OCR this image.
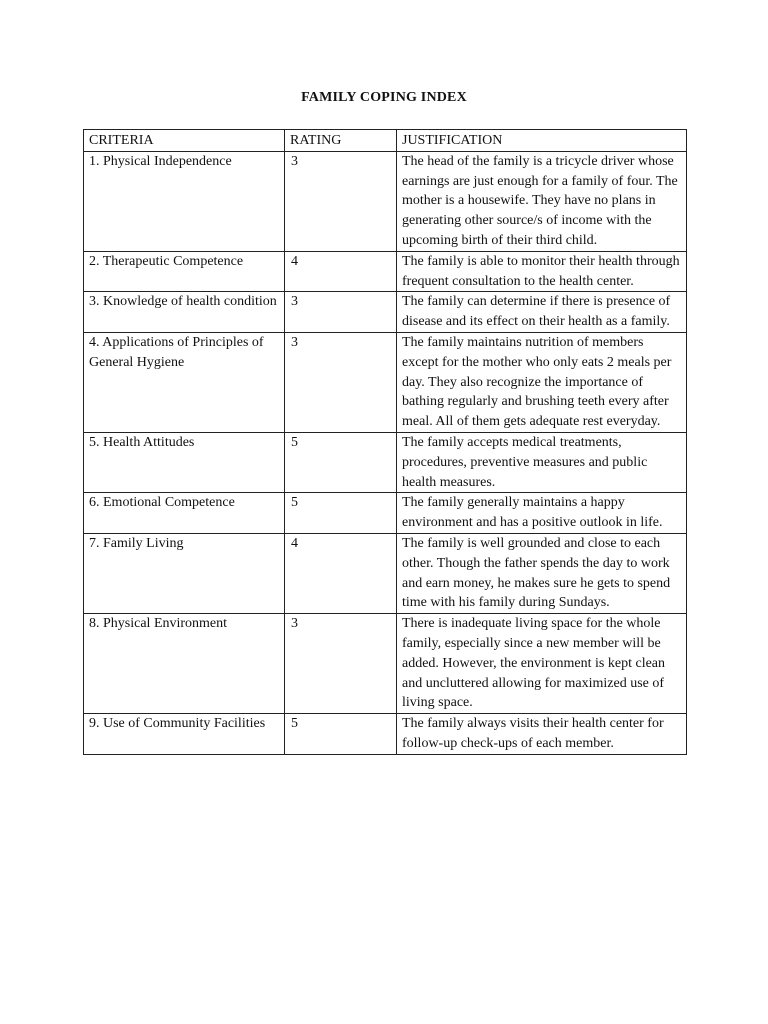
FAMILY COPING INDEX
CRITERIA	RATING	JUSTIFICATION
1. Physical Independence	3	The head of the family is a tricycle driver whose earnings are just enough for a family of four. The mother is a housewife. They have no plans in generating other source/s of income with the upcoming birth of their third child.
2. Therapeutic Competence	4	The family is able to monitor their health through frequent consultation to the health center.
3. Knowledge of health condition	3	The family can determine if there is presence of disease and its effect on their health as a family.
4. Applications of Principles of General Hygiene	3	The family maintains nutrition of members except for the mother who only eats 2 meals per day. They also recognize the importance of bathing regularly and brushing teeth every after meal. All of them gets adequate rest everyday.
5. Health Attitudes	5	The family accepts medical treatments, procedures, preventive measures and public health measures.
6. Emotional Competence	5	The family generally maintains a happy environment and has a positive outlook in life.
7. Family Living	4	The family is well grounded and close to each other. Though the father spends the day to work and earn money, he makes sure he gets to spend time with his family during Sundays.
8. Physical Environment	3	There is inadequate living space for the whole family, especially since a new member will be added. However, the environment is kept clean and uncluttered allowing for maximized use of living space.
9. Use of Community Facilities	5	The family always visits their health center for follow-up check-ups of each member.
